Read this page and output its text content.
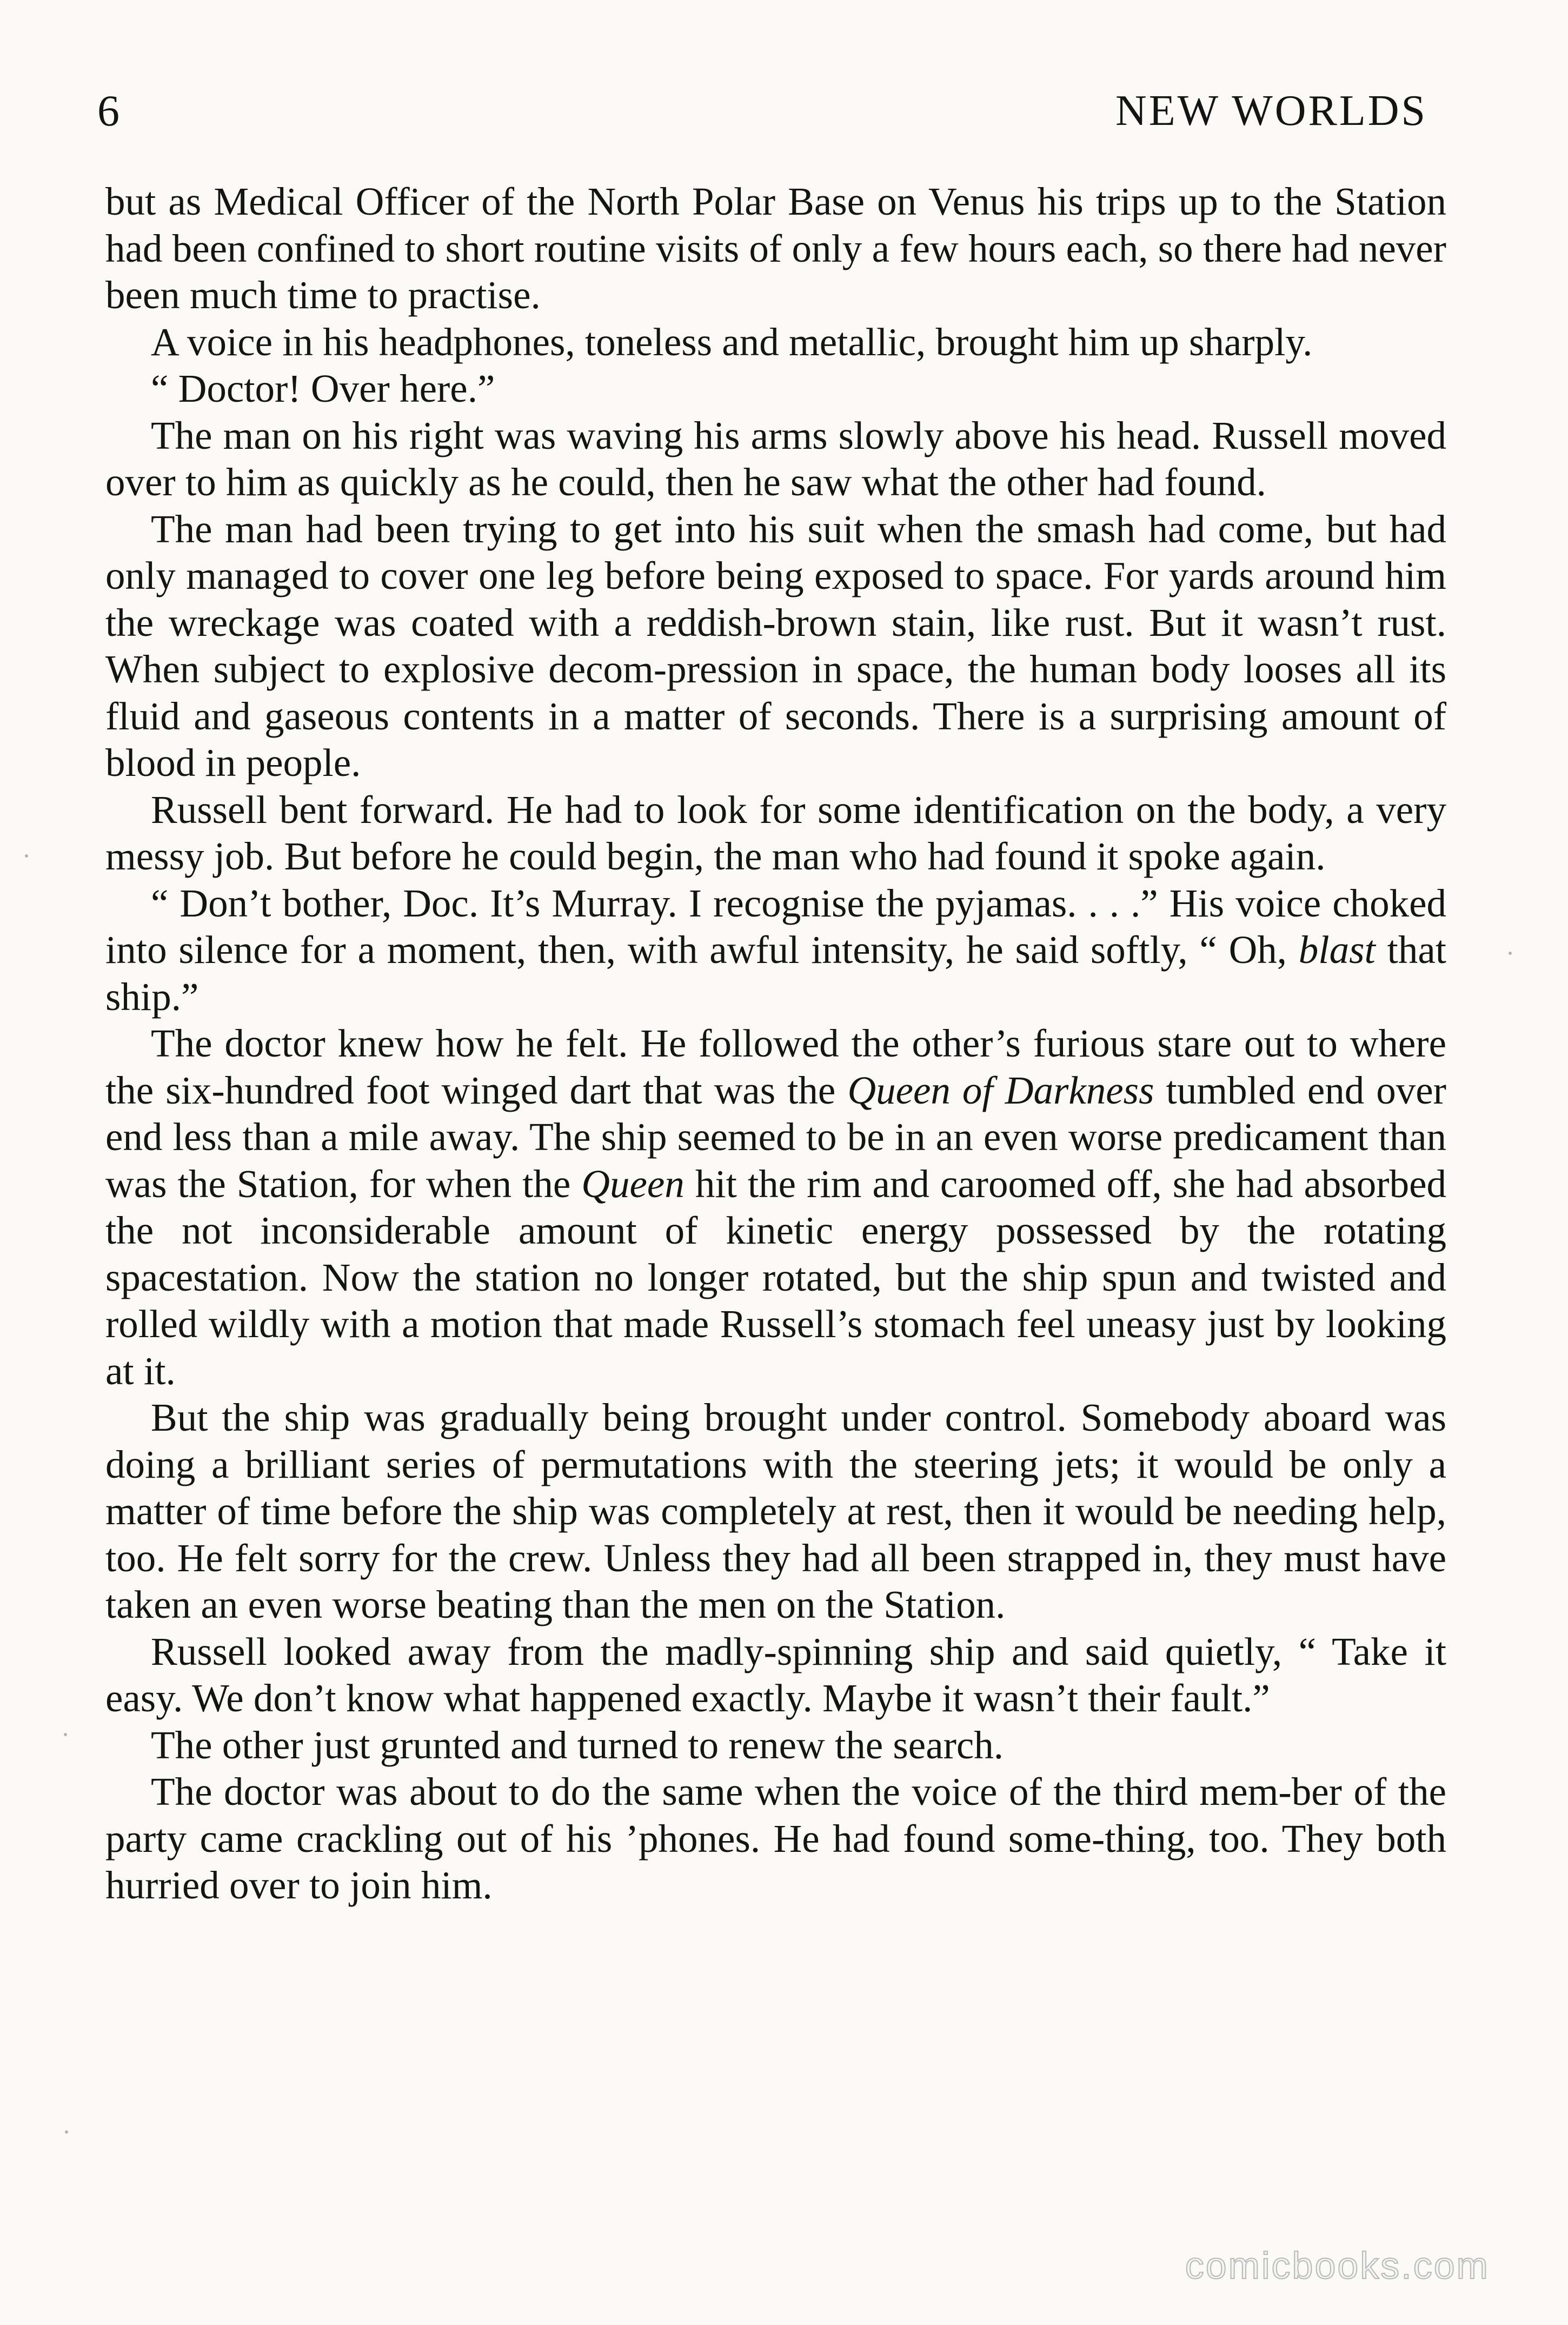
6	NEW WORLDS

but as Medical Officer of the North Polar Base on Venus his trips up to the Station had been confined to short routine visits of only a few hours each, so there had never been much time to practise.

A voice in his headphones, toneless and metallic, brought him up sharply.

“ Doctor! Over here.”

The man on his right was waving his arms slowly above his head. Russell moved over to him as quickly as he could, then he saw what the other had found.

The man had been trying to get into his suit when the smash had come, but had only managed to cover one leg before being exposed to space. For yards around him the wreckage was coated with a reddish-brown stain, like rust. But it wasn’t rust. When subject to explosive decom-pression in space, the human body looses all its fluid and gaseous contents in a matter of seconds. There is a surprising amount of blood in people.

Russell bent forward. He had to look for some identification on the body, a very messy job. But before he could begin, the man who had found it spoke again.

“ Don’t bother, Doc. It’s Murray. I recognise the pyjamas. . . .” His voice choked into silence for a moment, then, with awful intensity, he said softly, “ Oh, blast that ship.”

The doctor knew how he felt. He followed the other’s furious stare out to where the six-hundred foot winged dart that was the Queen of Darkness tumbled end over end less than a mile away. The ship seemed to be in an even worse predicament than was the Station, for when the Queen hit the rim and caroomed off, she had absorbed the not inconsiderable amount of kinetic energy possessed by the rotating spacestation. Now the station no longer rotated, but the ship spun and twisted and rolled wildly with a motion that made Russell’s stomach feel uneasy just by looking at it.

But the ship was gradually being brought under control. Somebody aboard was doing a brilliant series of permutations with the steering jets; it would be only a matter of time before the ship was completely at rest, then it would be needing help, too. He felt sorry for the crew. Unless they had all been strapped in, they must have taken an even worse beating than the men on the Station.

Russell looked away from the madly-spinning ship and said quietly, “ Take it easy. We don’t know what happened exactly. Maybe it wasn’t their fault.”

The other just grunted and turned to renew the search.

The doctor was about to do the same when the voice of the third mem-ber of the party came crackling out of his ’phones. He had found some-thing, too. They both hurried over to join him.

comicbooks.com
